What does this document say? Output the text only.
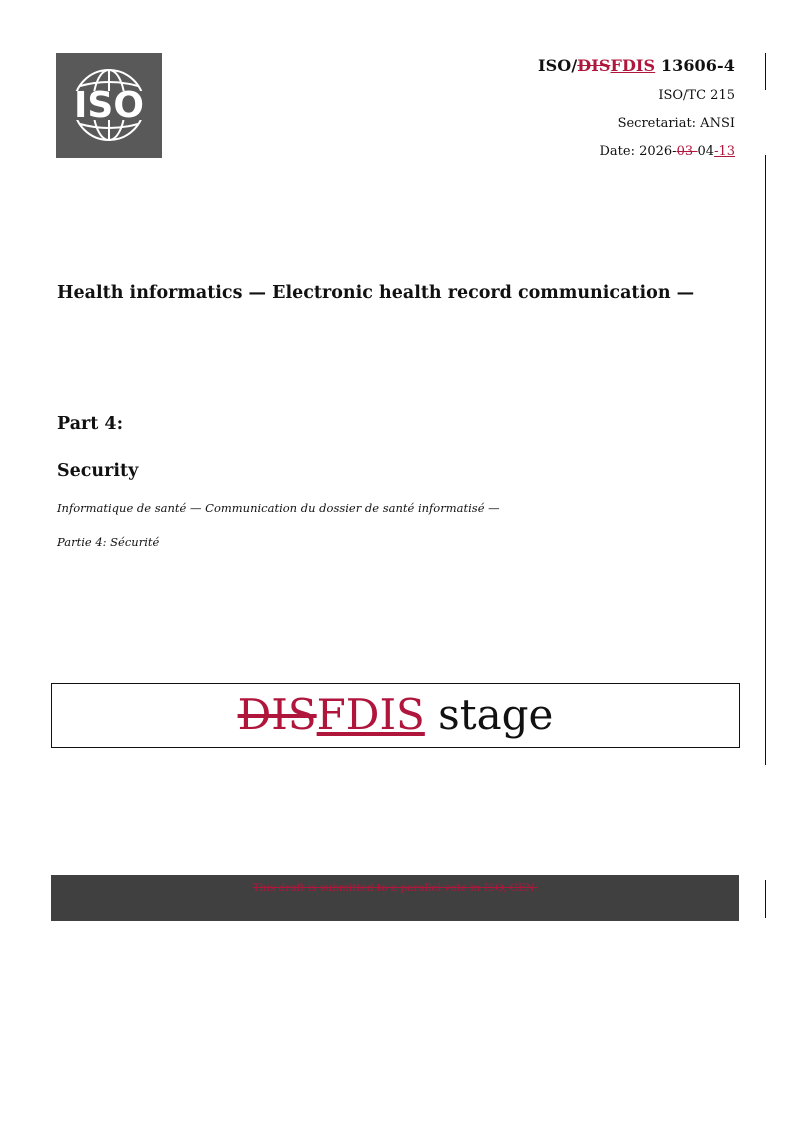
ISO
ISO/DISFDIS 13606-4
ISO/TC 215
Secretariat: ANSI
Date: 2026-03-04-13
Health informatics — Electronic health record communication —
Part 4:
Security
Informatique de santé — Communication du dossier de santé informatisé —
Partie 4: Sécurité
DISFDIS stage
This draft is submitted to a parallel vote in ISO, CEN.
